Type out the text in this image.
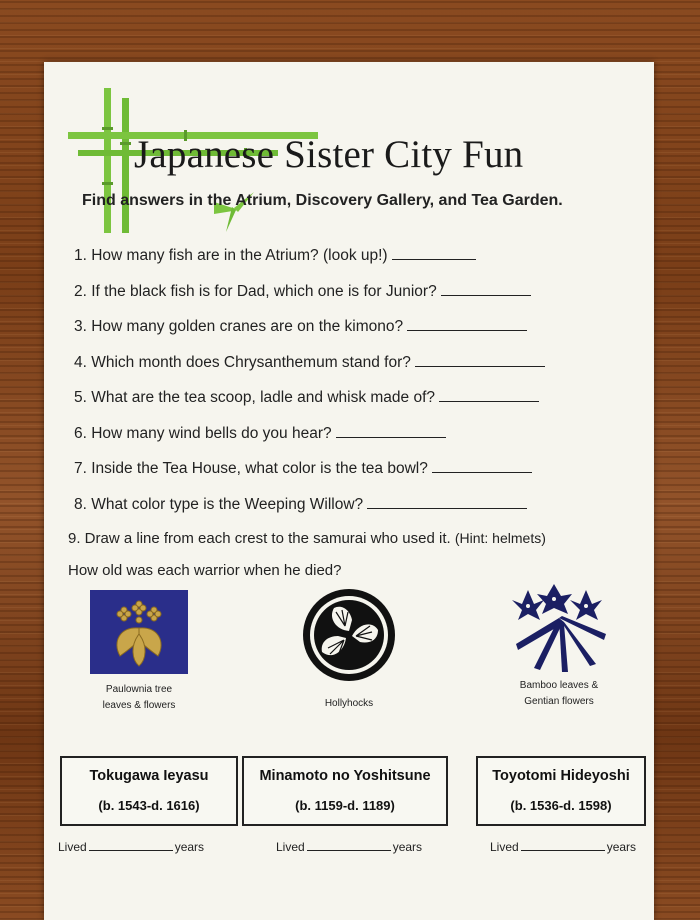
Japanese Sister City Fun

Find answers in the Atrium, Discovery Gallery, and Tea Garden.

1. How many fish are in the Atrium? (look up!)
2. If the black fish is for Dad, which one is for Junior?
3. How many golden cranes are on the kimono?
4. Which month does Chrysanthemum stand for?
5. What are the tea scoop, ladle and whisk made of?
6. How many wind bells do you hear?
7. Inside the Tea House, what color is the tea bowl?
8. What color type is the Weeping Willow?

9. Draw a line from each crest to the samurai who used it. (Hint: helmets)

How old was each warrior when he died?

Paulownia tree
leaves & flowers	Hollyhocks
Bamboo leaves &
Gentian flowers
Tokugawa Ieyasu
(b. 1543-d. 1616)
Minamoto no Yoshitsune
(b. 1159-d. 1189)
Toyotomi Hideyoshi
(b. 1536-d. 1598)
Lived	years	Lived	years	Lived	years
